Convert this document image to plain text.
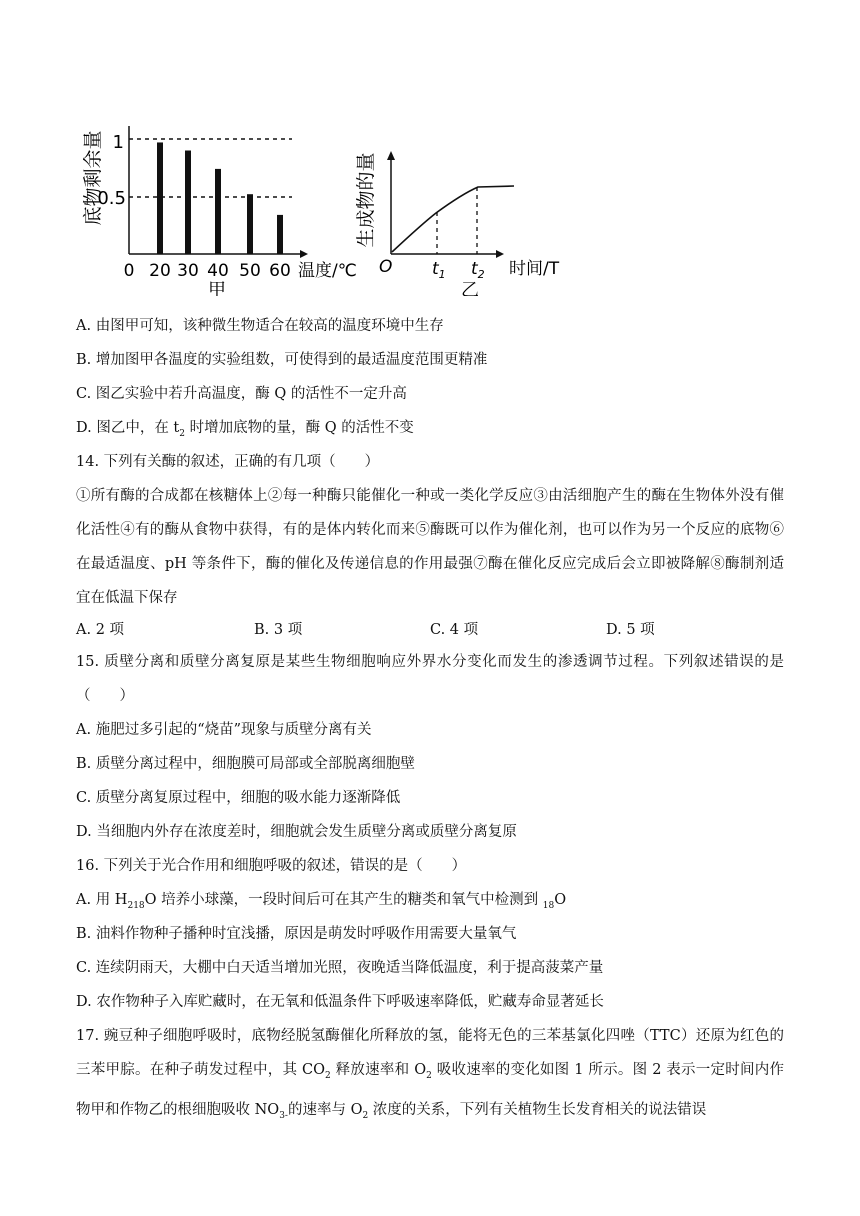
底物剩余量 1
0.5
0 20 30 40 50 60 温度/℃
甲
生成物的量
O $t_1$ $t_2$ 时间/T
乙
A. 由图甲可知，该种微生物适合在较高的温度环境中生存
B. 增加图甲各温度的实验组数，可使得到的最适温度范围更精准
C. 图乙实验中若升高温度，酶 Q 的活性不一定升高
D. 图乙中，在 $t_2$ 时增加底物的量，酶 Q 的活性不变
14. 下列有关酶的叙述，正确的有几项（　　）
①所有酶的合成都在核糖体上②每一种酶只能催化一种或一类化学反应③由活细胞产生的酶在生物体外没有催化活性④有的酶从食物中获得，有的是体内转化而来⑤酶既可以作为催化剂，也可以作为另一个反应的底物⑥在最适温度、pH 等条件下，酶的催化及传递信息的作用最强⑦酶在催化反应完成后会立即被降解⑧酶制剂适宜在低温下保存
A. 2 项	B. 3 项	C. 4 项	D. 5 项
15. 质壁分离和质壁分离复原是某些生物细胞响应外界水分变化而发生的渗透调节过程。下列叙述错误的是（　　）
A. 施肥过多引起的“烧苗”现象与质壁分离有关
B. 质壁分离过程中，细胞膜可局部或全部脱离细胞壁
C. 质壁分离复原过程中，细胞的吸水能力逐渐降低
D. 当细胞内外存在浓度差时，细胞就会发生质壁分离或质壁分离复原
16. 下列关于光合作用和细胞呼吸的叙述，错误的是（　　）
A. 用 $H_{218}O$ 培养小球藻，一段时间后可在其产生的糖类和氧气中检测到 $_{18}$O
B. 油料作物种子播种时宜浅播，原因是萌发时呼吸作用需要大量氧气
C. 连续阴雨天，大棚中白天适当增加光照，夜晚适当降低温度，利于提高菠菜产量
D. 农作物种子入库贮藏时，在无氧和低温条件下呼吸速率降低，贮藏寿命显著延长
17. 豌豆种子细胞呼吸时，底物经脱氢酶催化所释放的氢，能将无色的三苯基氯化四唑（TTC）还原为红色的三苯甲腙。在种子萌发过程中，其 $CO_2$ 释放速率和 $O_2$ 吸收速率的变化如图 1 所示。图 2 表示一定时间内作物甲和作物乙的根细胞吸收 $NO_{3-}$的速率与 $O_2$ 浓度的关系，下列有关植物生长发育相关的说法错误
